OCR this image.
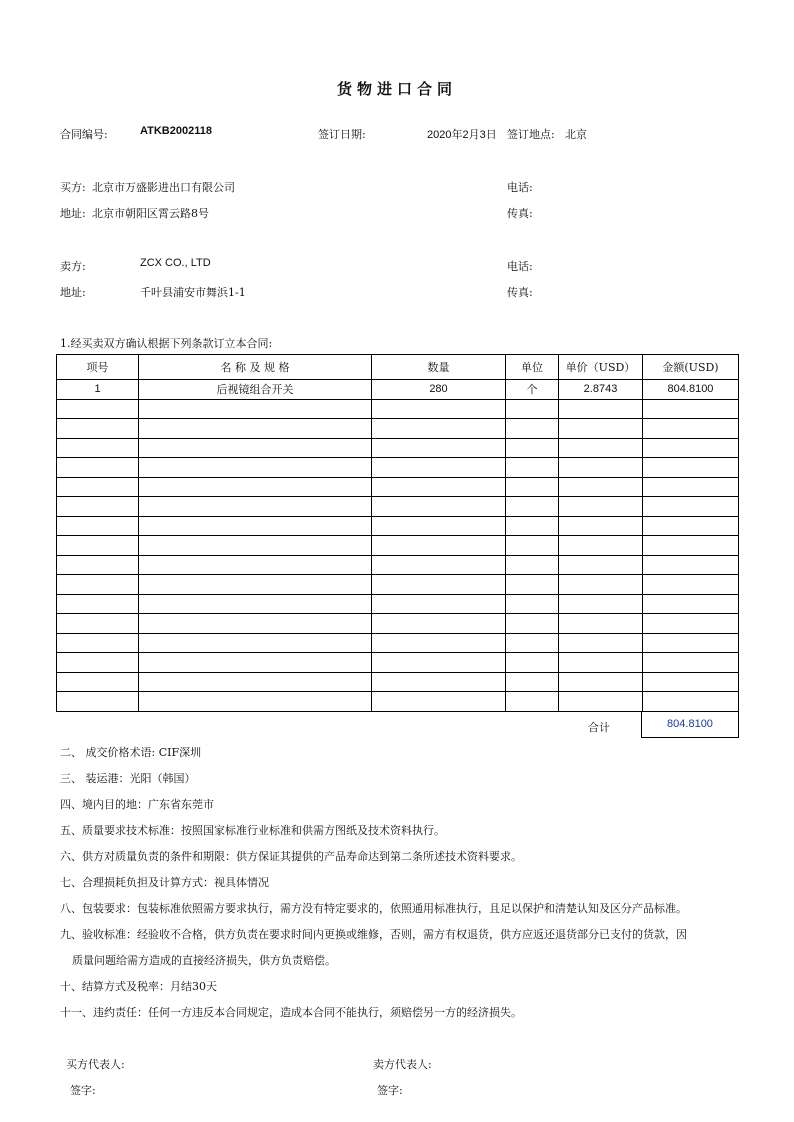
货物进口合同
合同编号:	ATKB2002118	签订日期:	2020年2月3日 签订地点: 北京
买方: 北京市万盛影进出口有限公司	电话:
地址: 北京市朝阳区霄云路8号	传真:
卖方:	ZCX CO., LTD	电话:
地址:	千叶县浦安市舞浜1-1	传真:
1.经买卖双方确认根据下列条款订立本合同:
项号	名 称 及 规 格	数量	单位	单价（USD）	金额(USD)
1	后视镜组合开关	280	个	2.8743	804.8100

合计	804.8100
二、 成交价格术语: CIF深圳
三、 装运港：光阳（韩国）
四、境内目的地：广东省东莞市
五、质量要求技术标准：按照国家标准行业标准和供需方图纸及技术资料执行。
六、供方对质量负责的条件和期限：供方保证其提供的产品寿命达到第二条所述技术资料要求。
七、合理损耗负担及计算方式：视具体情况
八、包装要求：包装标准依照需方要求执行，需方没有特定要求的，依照通用标准执行，且足以保护和清楚认知及区分产品标准。
九、验收标准：经验收不合格，供方负责在要求时间内更换或维修，否则，需方有权退货，供方应返还退货部分已支付的货款，因
质量问题给需方造成的直接经济损失，供方负责赔偿。
十、结算方式及税率：月结30天
十一、违约责任：任何一方违反本合同规定，造成本合同不能执行，须赔偿另一方的经济损失。
买方代表人:	卖方代表人:
签字:	签字:
